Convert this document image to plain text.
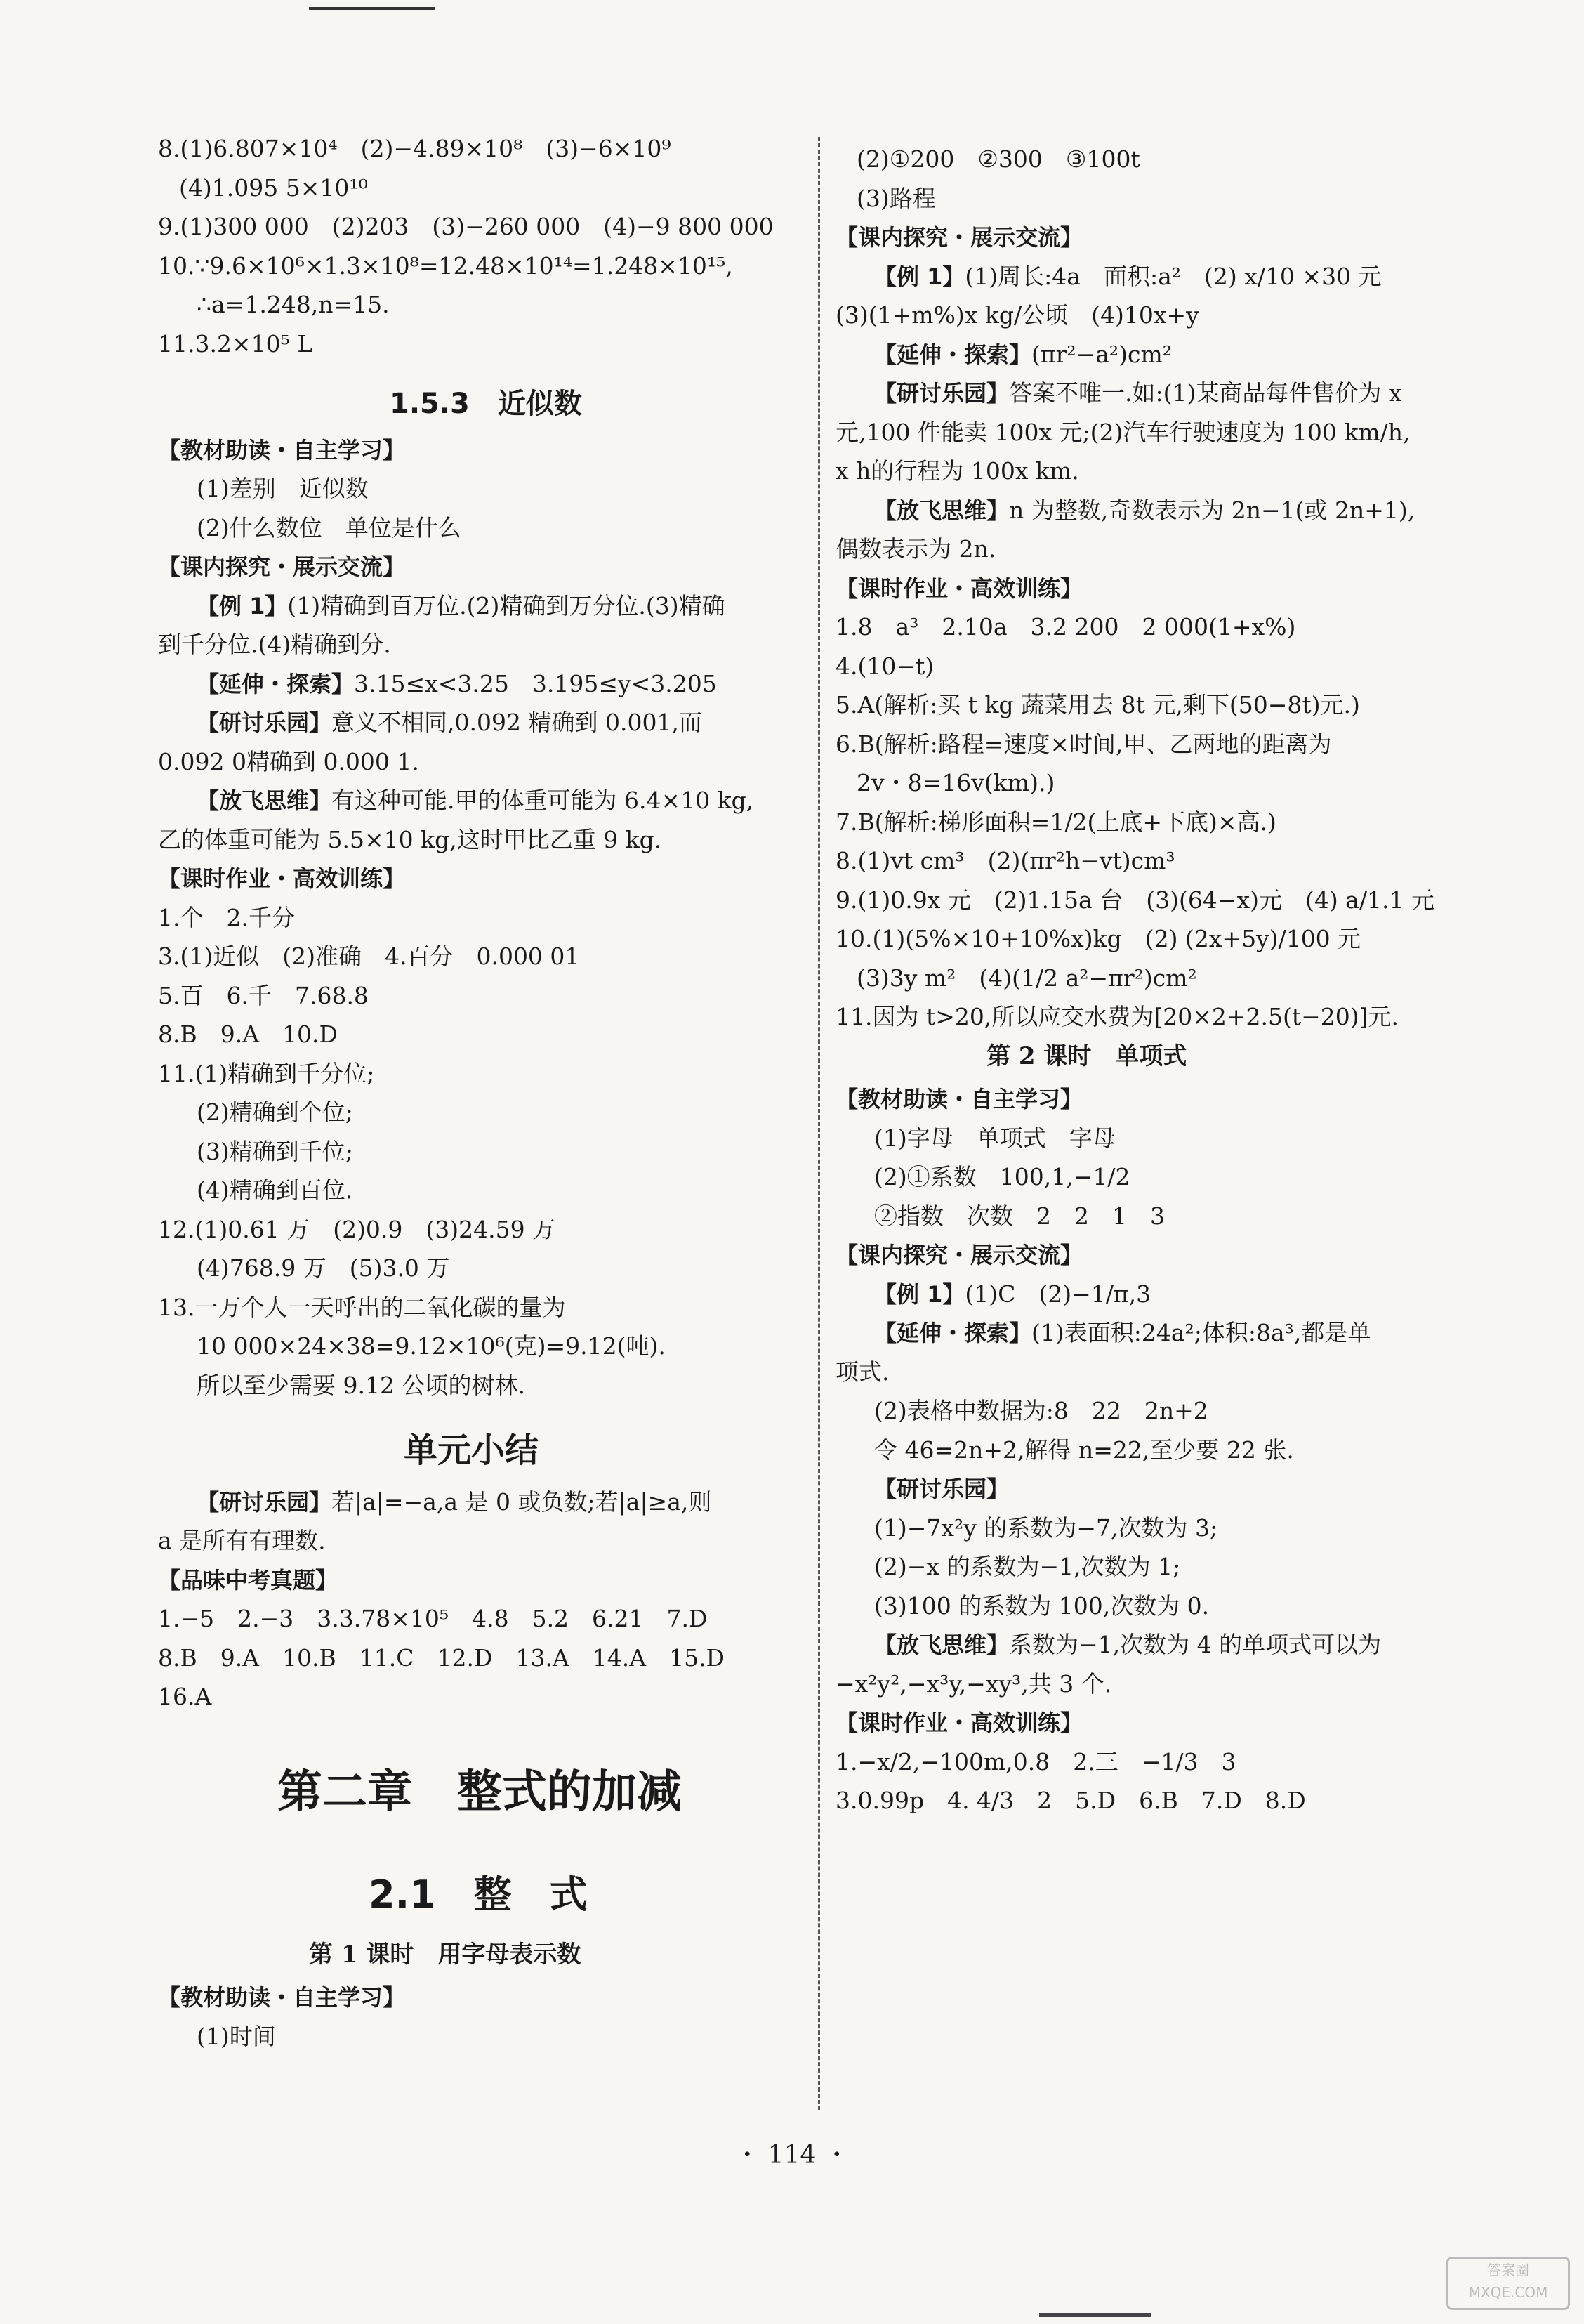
8.(1)6.807×10⁴　(2)−4.89×10⁸　(3)−6×10⁹
(4)1.095 5×10¹⁰
9.(1)300 000　(2)203　(3)−260 000　(4)−9 800 000
10.∵9.6×10⁶×1.3×10⁸=12.48×10¹⁴=1.248×10¹⁵,
∴a=1.248,n=15.
11.3.2×10⁵ L
1.5.3　近似数
【教材助读・自主学习】
(1)差别　近似数
(2)什么数位　单位是什么
【课内探究・展示交流】
【例 1】(1)精确到百万位.(2)精确到万分位.(3)精确
到千分位.(4)精确到分.
【延伸・探索】3.15≤x<3.25　3.195≤y<3.205
【研讨乐园】意义不相同,0.092 精确到 0.001,而
0.092 0精确到 0.000 1.
【放飞思维】有这种可能.甲的体重可能为 6.4×10 kg,
乙的体重可能为 5.5×10 kg,这时甲比乙重 9 kg.
【课时作业・高效训练】
1.个　2.千分
3.(1)近似　(2)准确　4.百分　0.000 01
5.百　6.千　7.68.8
8.B　9.A　10.D
11.(1)精确到千分位;
(2)精确到个位;
(3)精确到千位;
(4)精确到百位.
12.(1)0.61 万　(2)0.9　(3)24.59 万
(4)768.9 万　(5)3.0 万
13.一万个人一天呼出的二氧化碳的量为
10 000×24×38=9.12×10⁶(克)=9.12(吨).
所以至少需要 9.12 公顷的树林.
单元小结
【研讨乐园】若|a|=−a,a 是 0 或负数;若|a|≥a,则
a 是所有有理数.
【品味中考真题】
1.−5　2.−3　3.3.78×10⁵　4.8　5.2　6.21　7.D
8.B　9.A　10.B　11.C　12.D　13.A　14.A　15.D
16.A
第二章　整式的加减
2.1　整　式
第 1 课时　用字母表示数
【教材助读・自主学习】
(1)时间
(2)①200　②300　③100t
(3)路程
【课内探究・展示交流】
【例 1】(1)周长:4a　面积:a²　(2) x/10 ×30 元
(3)(1+m%)x kg/公顷　(4)10x+y
【延伸・探索】(πr²−a²)cm²
【研讨乐园】答案不唯一.如:(1)某商品每件售价为 x
元,100 件能卖 100x 元;(2)汽车行驶速度为 100 km/h,
x h的行程为 100x km.
【放飞思维】n 为整数,奇数表示为 2n−1(或 2n+1),
偶数表示为 2n.
【课时作业・高效训练】
1.8　a³　2.10a　3.2 200　2 000(1+x%)
4.(10−t)
5.A(解析:买 t kg 蔬菜用去 8t 元,剩下(50−8t)元.)
6.B(解析:路程=速度×时间,甲、乙两地的距离为
2v・8=16v(km).)
7.B(解析:梯形面积=1/2(上底+下底)×高.)
8.(1)vt cm³　(2)(πr²h−vt)cm³
9.(1)0.9x 元　(2)1.15a 台　(3)(64−x)元　(4) a/1.1 元
10.(1)(5%×10+10%x)kg　(2) (2x+5y)/100 元
(3)3y m²　(4)(1/2 a²−πr²)cm²
11.因为 t>20,所以应交水费为[20×2+2.5(t−20)]元.
第 2 课时　单项式
【教材助读・自主学习】
(1)字母　单项式　字母
(2)①系数　100,1,−1/2
②指数　次数　2　2　1　3
【课内探究・展示交流】
【例 1】(1)C　(2)−1/π,3
【延伸・探索】(1)表面积:24a²;体积:8a³,都是单
项式.
(2)表格中数据为:8　22　2n+2
令 46=2n+2,解得 n=22,至少要 22 张.
【研讨乐园】
(1)−7x²y 的系数为−7,次数为 3;
(2)−x 的系数为−1,次数为 1;
(3)100 的系数为 100,次数为 0.
【放飞思维】系数为−1,次数为 4 的单项式可以为
−x²y²,−x³y,−xy³,共 3 个.
【课时作业・高效训练】
1.−x/2,−100m,0.8　2.三　−1/3　3
3.0.99p　4. 4/3　2　5.D　6.B　7.D　8.D
・ 114 ・
答案圈 MXQE.COM
